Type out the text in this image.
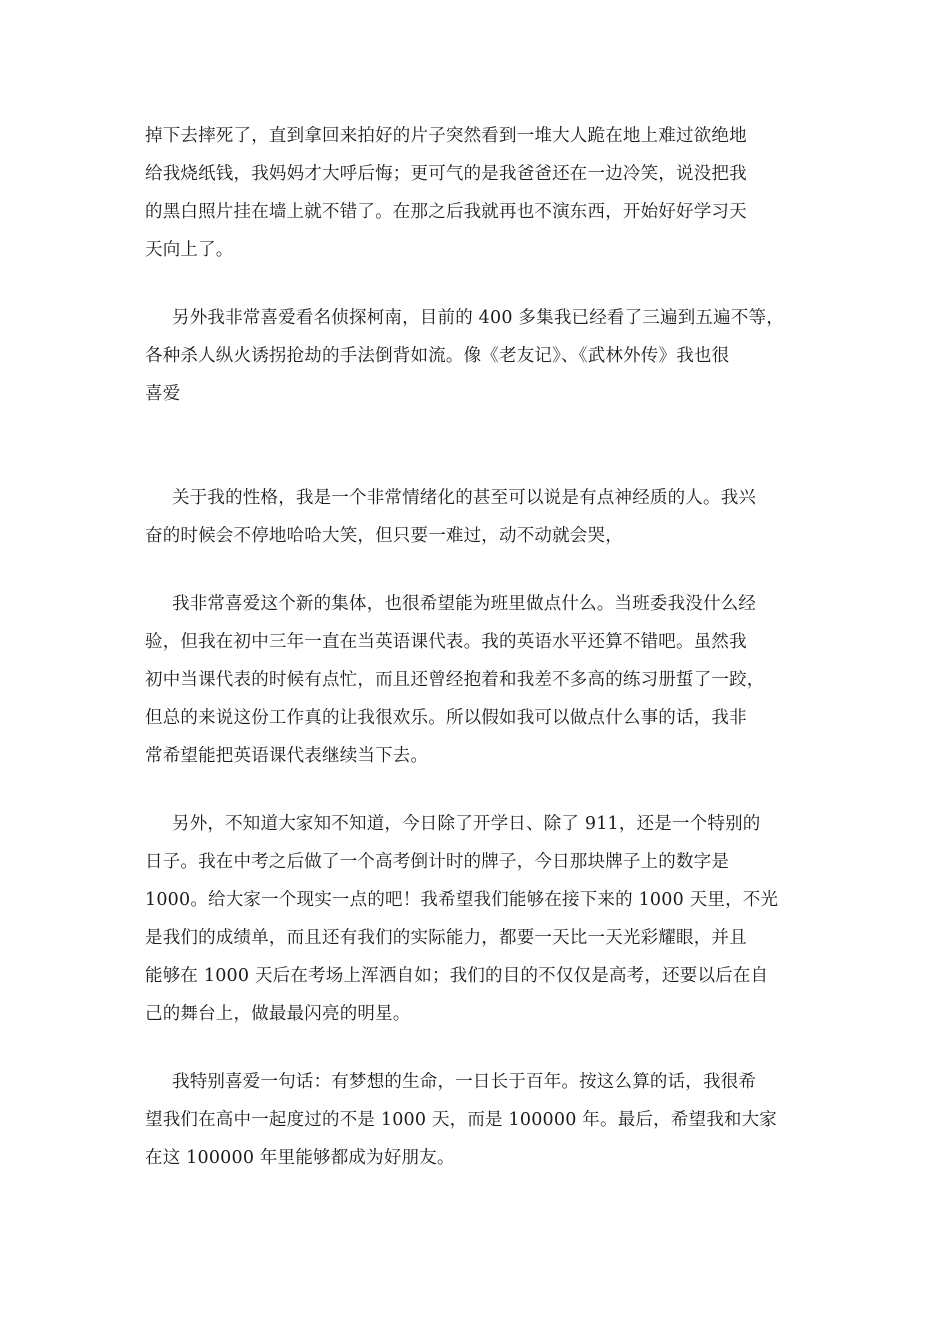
掉下去摔死了，直到拿回来拍好的片子突然看到一堆大人跪在地上难过欲绝地
给我烧纸钱，我妈妈才大呼后悔；更可气的是我爸爸还在一边冷笑，说没把我
的黑白照片挂在墙上就不错了。在那之后我就再也不演东西，开始好好学习天
天向上了。
另外我非常喜爱看名侦探柯南，目前的 400 多集我已经看了三遍到五遍不等，
各种杀人纵火诱拐抢劫的手法倒背如流。像《老友记》、《武林外传》我也很
喜爱
关于我的性格，我是一个非常情绪化的甚至可以说是有点神经质的人。我兴
奋的时候会不停地哈哈大笑，但只要一难过，动不动就会哭，
我非常喜爱这个新的集体，也很希望能为班里做点什么。当班委我没什么经
验，但我在初中三年一直在当英语课代表。我的英语水平还算不错吧。虽然我
初中当课代表的时候有点忙，而且还曾经抱着和我差不多高的练习册蜇了一跤，
但总的来说这份工作真的让我很欢乐。所以假如我可以做点什么事的话，我非
常希望能把英语课代表继续当下去。
另外，不知道大家知不知道，今日除了开学日、除了 911，还是一个特别的
日子。我在中考之后做了一个高考倒计时的牌子，今日那块牌子上的数字是
1000。给大家一个现实一点的吧！我希望我们能够在接下来的 1000 天里，不光
是我们的成绩单，而且还有我们的实际能力，都要一天比一天光彩耀眼，并且
能够在 1000 天后在考场上浑洒自如；我们的目的不仅仅是高考，还要以后在自
己的舞台上，做最最闪亮的明星。
我特别喜爱一句话：有梦想的生命，一日长于百年。按这么算的话，我很希
望我们在高中一起度过的不是 1000 天，而是 100000 年。最后，希望我和大家
在这 100000 年里能够都成为好朋友。
